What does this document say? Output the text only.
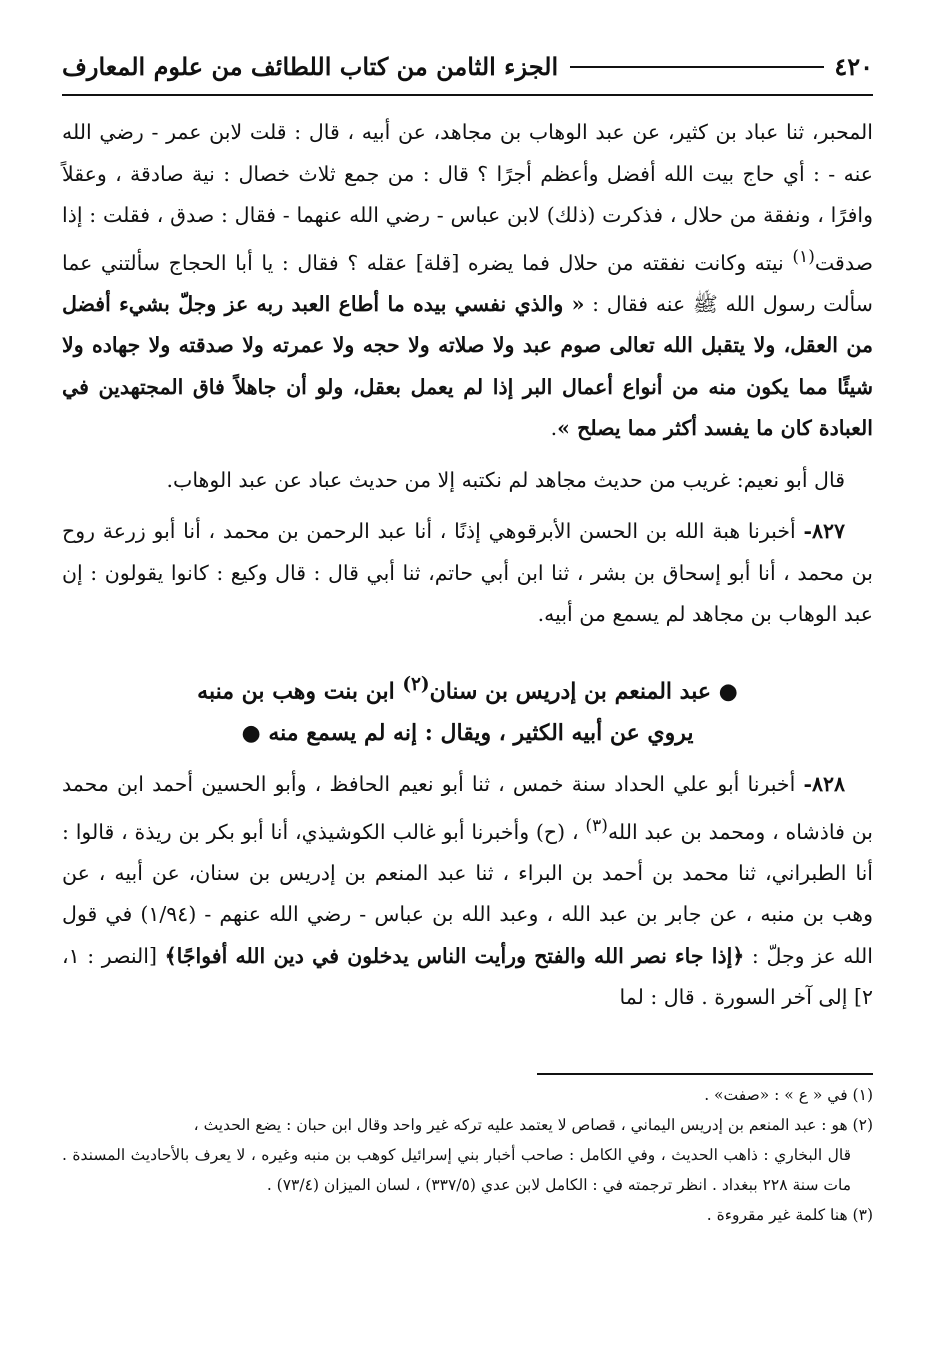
٤٢٠
الجزء الثامن من كتاب اللطائف من علوم المعارف

المحبر، ثنا عباد بن كثير، عن عبد الوهاب بن مجاهد، عن أبيه ، قال : قلت لابن عمر - رضي الله عنه - : أي حاج بيت الله أفضل وأعظم أجرًا ؟ قال : من جمع ثلاث خصال : نية صادقة ، وعقلاً وافرًا ، ونفقة من حلال ، فذكرت (ذلك) لابن عباس - رضي الله عنهما - فقال : صدق ، فقلت : إذا صدقت$^{(١)}$ نيته وكانت نفقته من حلال فما يضره [قلة] عقله ؟ فقال : يا أبا الحجاج سألتني عما سألت رسول الله ﷺ عنه فقال : « والذي نفسي بيده ما أطاع العبد ربه عز وجلّ بشيء أفضل من العقل، ولا يتقبل الله تعالى صوم عبد ولا صلاته ولا حجه ولا عمرته ولا صدقته ولا جهاده ولا شيئًا مما يكون منه من أنواع أعمال البر إذا لم يعمل بعقل، ولو أن جاهلاً فاق المجتهدين في العبادة كان ما يفسد أكثر مما يصلح ».

قال أبو نعيم: غريب من حديث مجاهد لم نكتبه إلا من حديث عباد عن عبد الوهاب.

٨٢٧- أخبرنا هبة الله بن الحسن الأبرقوهي إذنًا ، أنا عبد الرحمن بن محمد ، أنا أبو زرعة روح بن محمد ، أنا أبو إسحاق بن بشر ، ثنا ابن أبي حاتم، ثنا أبي قال : قال وكيع : كانوا يقولون : إن عبد الوهاب بن مجاهد لم يسمع من أبيه.

● عبد المنعم بن إدريس بن سنان$^{(٢)}$ ابن بنت وهب بن منبه

يروي عن أبيه الكثير ، ويقال : إنه لم يسمع منه ●

٨٢٨- أخبرنا أبو علي الحداد سنة خمس ، ثنا أبو نعيم الحافظ ، وأبو الحسين أحمد ابن محمد بن فاذشاه ، ومحمد بن عبد الله$^{(٣)}$ ، (ح) وأخبرنا أبو غالب الكوشيذي، أنا أبو بكر بن ريذة ، قالوا : أنا الطبراني، ثنا محمد بن أحمد بن البراء ، ثنا عبد المنعم بن إدريس بن سنان، عن أبيه ، عن وهب بن منبه ، عن جابر بن عبد الله ، وعبد الله بن عباس - رضي الله عنهم - (١/٩٤) في قول الله عز وجلّ : ﴿إذا جاء نصر الله والفتح ورأيت الناس يدخلون في دين الله أفواجًا﴾ [النصر : ١، ٢] إلى آخر السورة . قال : لما

(١) في « ع » : «صفت» .

(٢) هو : عبد المنعم بن إدريس اليماني ، قصاص لا يعتمد عليه تركه غير واحد وقال ابن حبان : يضع الحديث ،

قال البخاري : ذاهب الحديث ، وفي الكامل : صاحب أخبار بني إسرائيل كوهب بن منبه وغيره ، لا يعرف بالأحاديث المسندة . مات سنة ٢٢٨ ببغداد . انظر ترجمته في : الكامل لابن عدي (٣٣٧/٥) ، لسان الميزان (٧٣/٤) .

(٣) هنا كلمة غير مقروءة .
